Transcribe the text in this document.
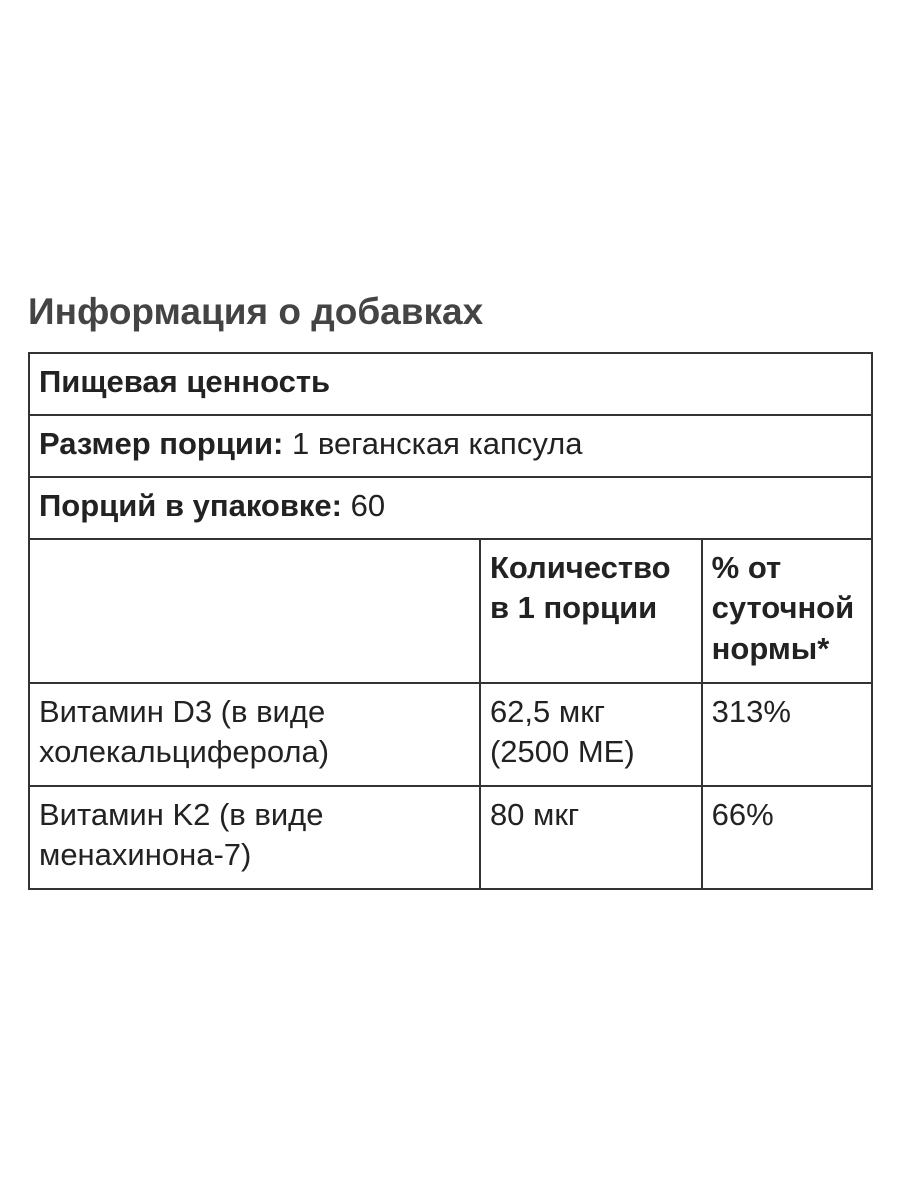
Информация о добавках
Пищевая ценность		
Размер порции: 1 веганская капсула		
Порций в упаковке: 60		
	Количество в 1 порции	% от суточной нормы*
Витамин D3 (в виде холекальциферола)	62,5 мкг (2500 МЕ)	313%
Витамин K2 (в виде менахинона-7)	80 мкг	66%
